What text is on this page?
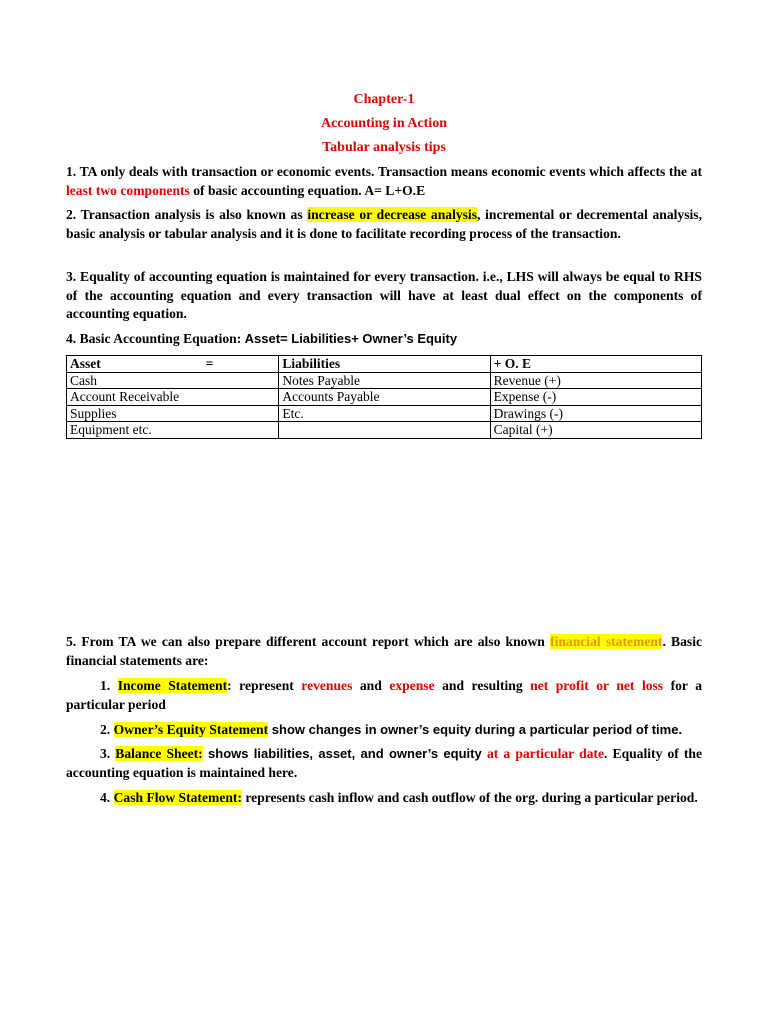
Chapter-1

Accounting in Action

Tabular analysis tips

1. TA only deals with transaction or economic events. Transaction means economic events which affects the at least two components of basic accounting equation. A= L+O.E

2. Transaction analysis is also known as increase or decrease analysis, incremental or decremental analysis, basic analysis or tabular analysis and it is done to facilitate recording process of the transaction.

3. Equality of accounting equation is maintained for every transaction. i.e., LHS will always be equal to RHS of the accounting equation and every transaction will have at least dual effect on the components of accounting equation.

4. Basic Accounting Equation: Asset= Liabilities+ Owner’s Equity

Asset =	Liabilities	+ O. E
Cash	Notes Payable	Revenue (+)
Account Receivable	Accounts Payable	Expense (-)
Supplies	Etc.	Drawings (-)
Equipment etc.		Capital (+)

5. From TA we can also prepare different account report which are also known financial statement. Basic financial statements are:

1. Income Statement: represent revenues and expense and resulting net profit or net loss for a particular period

2. Owner’s Equity Statement show changes in owner’s equity during a particular period of time.

3. Balance Sheet: shows liabilities, asset, and owner’s equity at a particular date. Equality of the accounting equation is maintained here.

4. Cash Flow Statement: represents cash inflow and cash outflow of the org. during a particular period.
